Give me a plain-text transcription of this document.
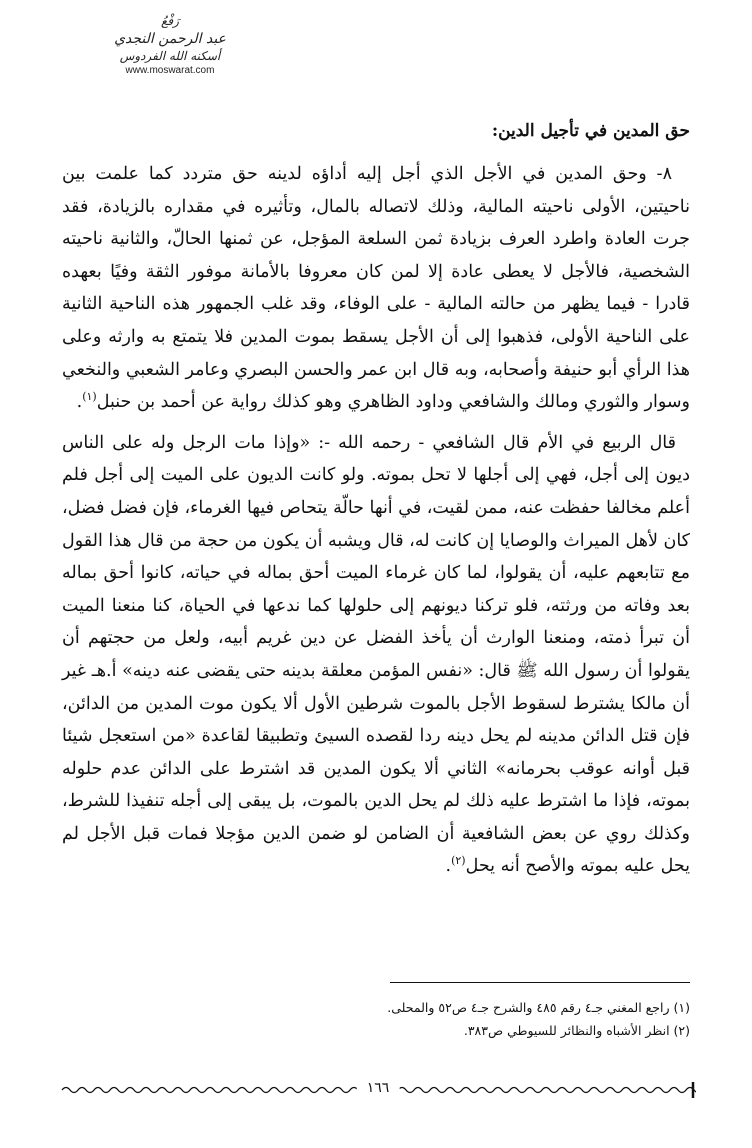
رَفْعُ
عبد الرحمن النجدي
أسكنه الله الفردوس
www.moswarat.com
حق المدين في تأجيل الدين:

٨- وحق المدين في الأجل الذي أجل إليه أداؤه لدينه حق متردد كما علمت بين ناحيتين، الأولى ناحيته المالية، وذلك لاتصاله بالمال، وتأثيره في مقداره بالزيادة، فقد جرت العادة واطرد العرف بزيادة ثمن السلعة المؤجل، عن ثمنها الحالّ، والثانية ناحيته الشخصية، فالأجل لا يعطى عادة إلا لمن كان معروفا بالأمانة موفور الثقة وفيًا بعهده قادرا - فيما يظهر من حالته المالية - على الوفاء، وقد غلب الجمهور هذه الناحية الثانية على الناحية الأولى، فذهبوا إلى أن الأجل يسقط بموت المدين فلا يتمتع به وارثه وعلى هذا الرأي أبو حنيفة وأصحابه، وبه قال ابن عمر والحسن البصري وعامر الشعبي والنخعي وسوار والثوري ومالك والشافعي وداود الظاهري وهو كذلك رواية عن أحمد بن حنبل$^{(١)}$.

قال الربيع في الأم قال الشافعي - رحمه الله -: «وإذا مات الرجل وله على الناس ديون إلى أجل، فهي إلى أجلها لا تحل بموته. ولو كانت الديون على الميت إلى أجل فلم أعلم مخالفا حفظت عنه، ممن لقيت، في أنها حالّة يتحاص فيها الغرماء، فإن فضل فضل، كان لأهل الميراث والوصايا إن كانت له، قال ويشبه أن يكون من حجة من قال هذا القول مع تتابعهم عليه، أن يقولوا، لما كان غرماء الميت أحق بماله في حياته، كانوا أحق بماله بعد وفاته من ورثته، فلو تركنا ديونهم إلى حلولها كما ندعها في الحياة، كنا منعنا الميت أن تبرأ ذمته، ومنعنا الوارث أن يأخذ الفضل عن دين غريم أبيه، ولعل من حجتهم أن يقولوا أن رسول الله ﷺ قال: «نفس المؤمن معلقة بدينه حتى يقضى عنه دينه» أ.هـ غير أن مالكا يشترط لسقوط الأجل بالموت شرطين الأول ألا يكون موت المدين من الدائن، فإن قتل الدائن مدينه لم يحل دينه ردا لقصده السيئ وتطبيقا لقاعدة «من استعجل شيئا قبل أوانه عوقب بحرمانه» الثاني ألا يكون المدين قد اشترط على الدائن عدم حلوله بموته، فإذا ما اشترط عليه ذلك لم يحل الدين بالموت، بل يبقى إلى أجله تنفيذا للشرط، وكذلك روي عن بعض الشافعية أن الضامن لو ضمن الدين مؤجلا فمات قبل الأجل لم يحل عليه بموته والأصح أنه يحل$^{(٢)}$.

(١) راجع المغني جـ٤ رقم ٤٨٥ والشرح جـ٤ ص٥٢ والمحلى.
(٢) انظر الأشباه والنظائر للسيوطي ص٣٨٣.
١٦٦
